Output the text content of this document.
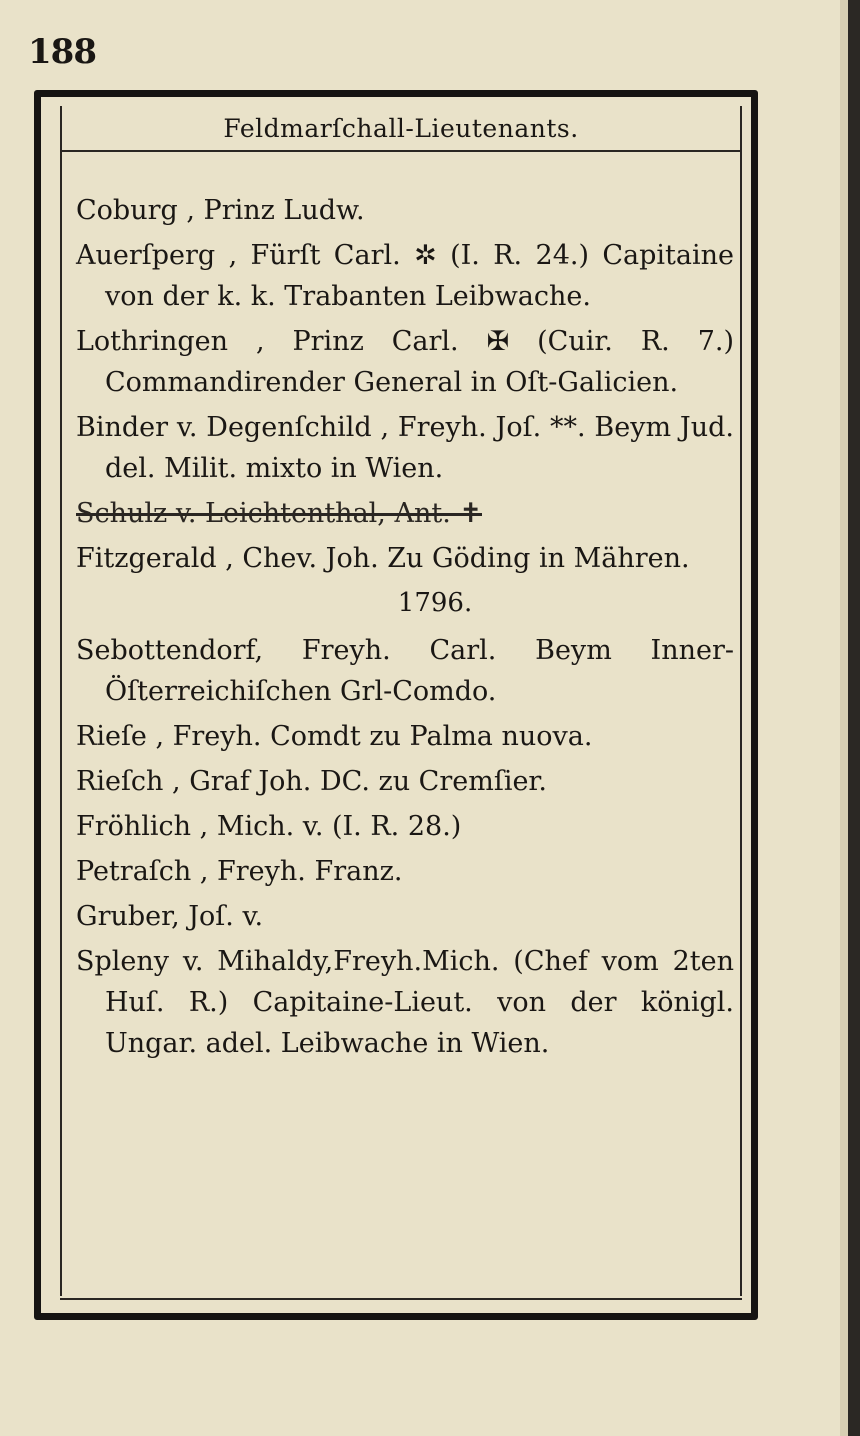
188
Feldmarſchall-Lieutenants.
Coburg , Prinz Ludw.
Auerſperg , Fürſt Carl. ✲ (I. R. 24.) Capitaine von der k. k. Trabanten Leibwache.
Lothringen , Prinz Carl. ✠ (Cuir. R. 7.) Commandirender General in Oſt-Galicien.
Binder v. Degenſchild , Freyh. Joſ. **. Beym Jud. del. Milit. mixto in Wien.
Schulz v. Leichtenthal, Ant. ✝
Fitzgerald , Chev. Joh. Zu Göding in Mähren.
1796.
Sebottendorf, Freyh. Carl. Beym Inner-Öſterreichiſchen Grl-Comdo.
Rieſe , Freyh. Comdt zu Palma nuova.
Rieſch , Graf Joh. DC. zu Cremſier.
Fröhlich , Mich. v. (I. R. 28.)
Petraſch , Freyh. Franz.
Gruber, Joſ. v.
Spleny v. Mihaldy,Freyh.Mich. (Chef vom 2ten Huſ. R.) Capitaine-Lieut. von der königl. Ungar. adel. Leibwache in Wien.
